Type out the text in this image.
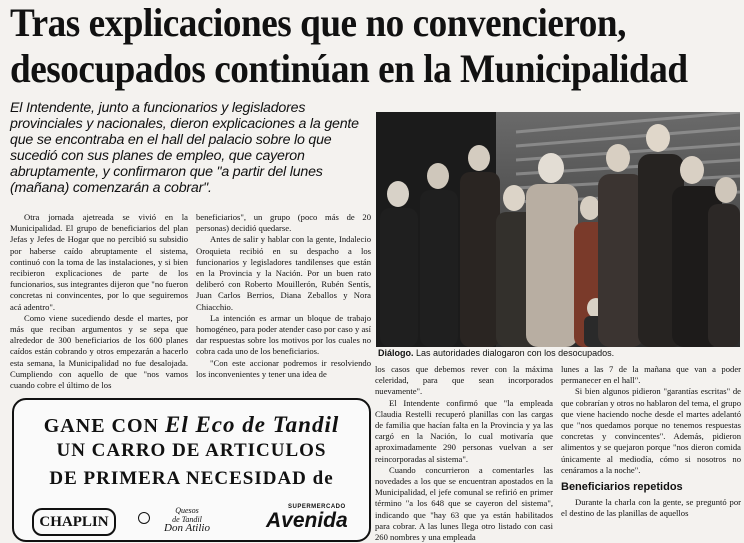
Tras explicaciones que no convencieron,
desocupados continúan en la Municipalidad
El Intendente, junto a funcionarios y legisladores provinciales y nacionales, dieron explicaciones a la gente que se encontraba en el hall del palacio sobre lo que sucedió con sus planes de empleo, que cayeron abruptamente, y confirmaron que "a partir del lunes (mañana) comenzarán a cobrar".

Otra jornada ajetreada se vivió en la Municipalidad. El grupo de beneficiarios del plan Jefas y Jefes de Hogar que no percibió su subsidio por haberse caído abruptamente el sistema, continuó con la toma de las instalaciones, y si bien recibieron explicaciones de parte de los funcionarios, sus integrantes dijeron que "no fueron concretas ni convincentes, por lo que seguiremos acá adentro".

Como viene sucediendo desde el martes, por más que reciban argumentos y se sepa que alrededor de 300 beneficiarios de los 600 planes caídos están cobrando y otros empezarán a hacerlo esta semana, la Municipalidad no fue desalojada. Cumpliendo con aquello de que "nos vamos cuando cobre el último de los

beneficiarios", un grupo (poco más de 20 personas) decidió quedarse.

Antes de salir y hablar con la gente, Indalecio Oroquieta recibió en su despacho a los funcionarios y legisladores tandilenses que están en la Provincia y la Nación. Por un buen rato deliberó con Roberto Mouillerón, Rubén Sentís, Juan Carlos Berrios, Diana Zeballos y Nora Chiacchio.

La intención es armar un bloque de trabajo homogéneo, para poder atender caso por caso y así dar respuestas sobre los motivos por los cuales no cobra cada uno de los beneficiarios.

"Con este accionar podremos ir resolviendo los inconvenientes y tener una idea de

Diálogo. Las autoridades dialogaron con los desocupados.

los casos que debemos rever con la máxima celeridad, para que sean incorporados nuevamente".

El Intendente confirmó que "la empleada Claudia Restelli recuperó planillas con las cargas de familia que hacían falta en la Provincia y ya las cargó en la Nación, lo cual motivaría que aproximadamente 290 personas vuelvan a ser reincorporadas al sistema".

Cuando concurrieron a comentarles las novedades a los que se encuentran apostados en la Municipalidad, el jefe comunal se refirió en primer término "a los 648 que se cayeron del sistema", indicando que "hay 63 que ya están habilitados para cobrar. A las lunes llega otro listado con casi 260 nombres y una empleada

lunes a las 7 de la mañana que van a poder permanecer en el hall".

Si bien algunos pidieron "garantías escritas" de que cobrarían y otros no hablaron del tema, el grupo que viene haciendo noche desde el martes adelantó que "nos quedamos porque no tenemos respuestas concretas y convincentes". Además, pidieron alimentos y se quejaron porque "nos dieron comida únicamente al mediodía, cómo si nosotros no cenáramos a la noche".

Beneficiarios repetidos

Durante la charla con la gente, se preguntó por el destino de las planillas de aquellos

GANE CON El Eco de Tandil
UN CARRO DE ARTICULOS
DE PRIMERA NECESIDAD de
CHAPLIN
Quesos
de Tandil
Don Atilio
SUPERMERCADO
Avenida
